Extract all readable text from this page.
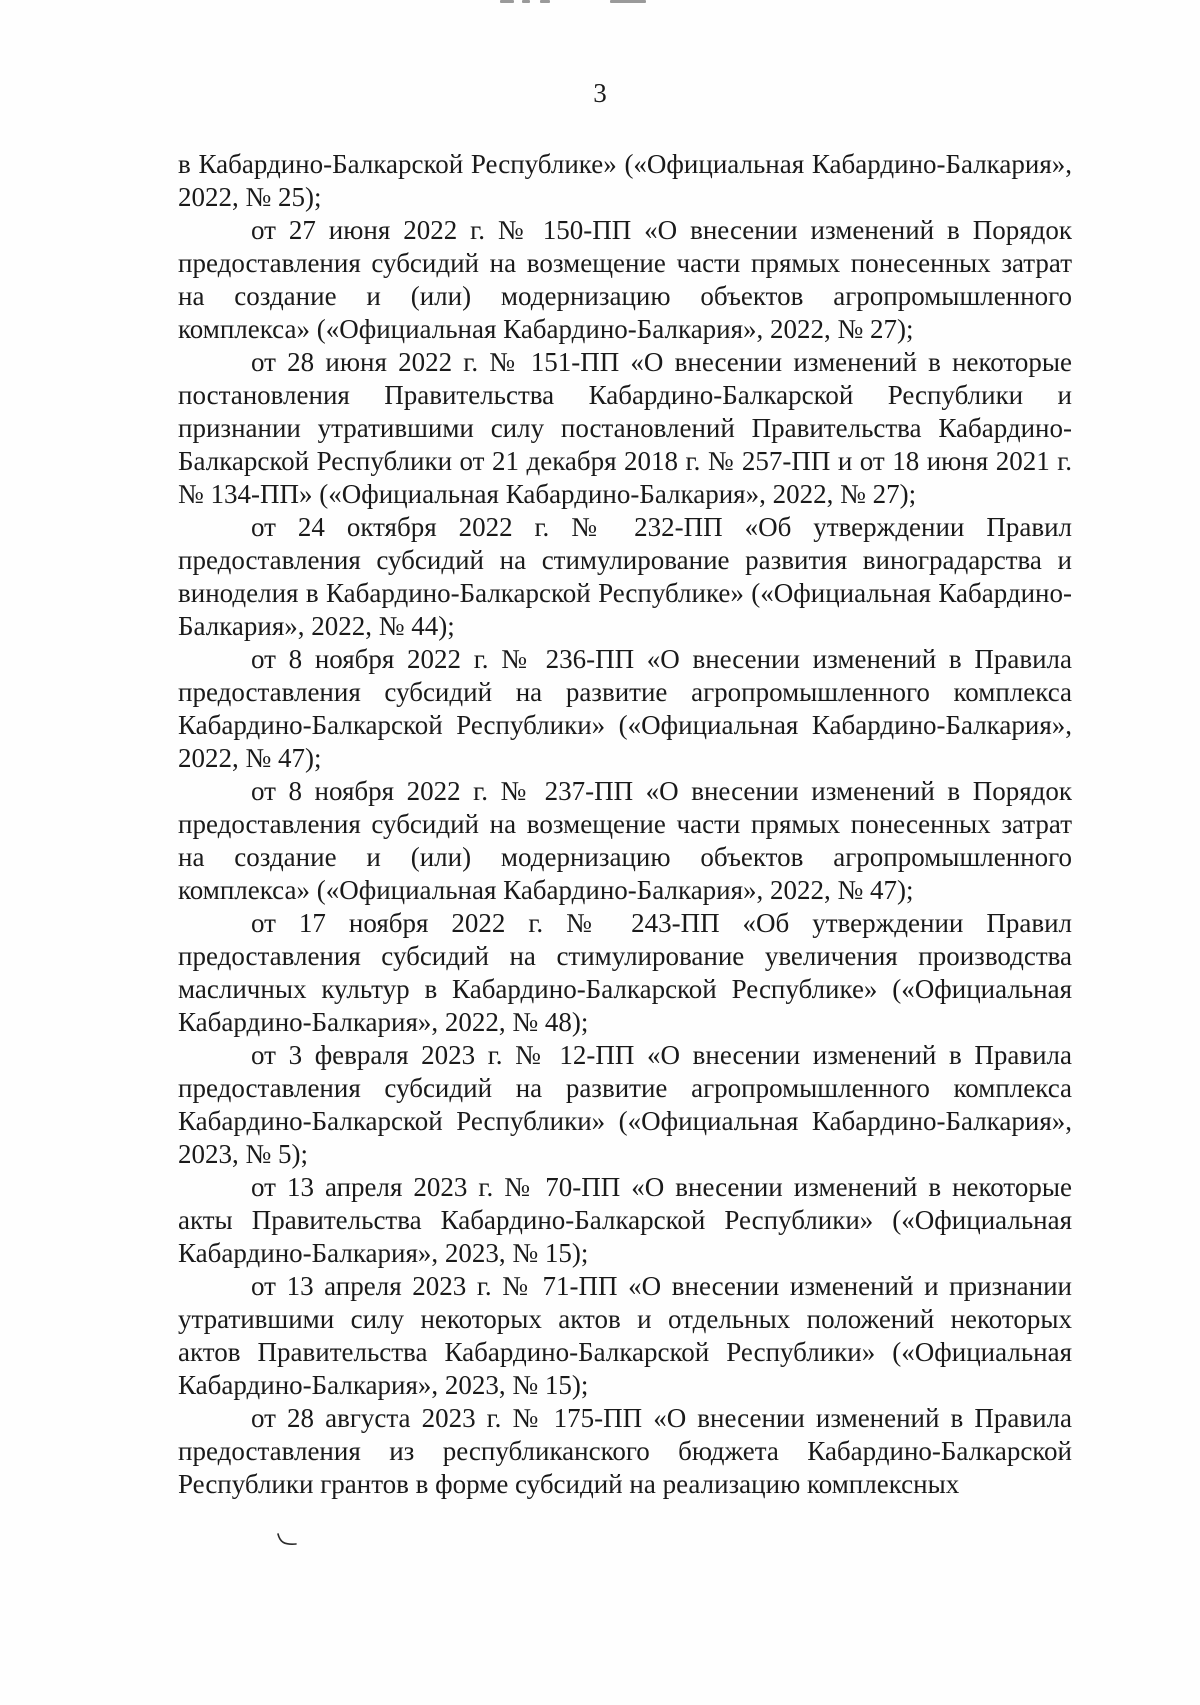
3

в Кабардино-Балкарской Республике» («Официальная Кабардино-Балкария», 2022, № 25);

от 27 июня 2022 г. № 150-ПП «О внесении изменений в Порядок предоставления субсидий на возмещение части прямых понесенных затрат на создание и (или) модернизацию объектов агропромышленного комплекса» («Официальная Кабардино-Балкария», 2022, № 27);

от 28 июня 2022 г. № 151-ПП «О внесении изменений в некоторые постановления Правительства Кабардино-Балкарской Республики и признании утратившими силу постановлений Правительства Кабардино-Балкарской Республики от 21 декабря 2018 г. № 257-ПП и от 18 июня 2021 г. № 134-ПП» («Официальная Кабардино-Балкария», 2022, № 27);

от 24 октября 2022 г. № 232-ПП «Об утверждении Правил предоставления субсидий на стимулирование развития виноградарства и виноделия в Кабардино-Балкарской Республике» («Официальная Кабардино-Балкария», 2022, № 44);

от 8 ноября 2022 г. № 236-ПП «О внесении изменений в Правила предоставления субсидий на развитие агропромышленного комплекса Кабардино-Балкарской Республики» («Официальная Кабардино-Балкария», 2022, № 47);

от 8 ноября 2022 г. № 237-ПП «О внесении изменений в Порядок предоставления субсидий на возмещение части прямых понесенных затрат на создание и (или) модернизацию объектов агропромышленного комплекса» («Официальная Кабардино-Балкария», 2022, № 47);

от 17 ноября 2022 г. № 243-ПП «Об утверждении Правил предоставления субсидий на стимулирование увеличения производства масличных культур в Кабардино-Балкарской Республике» («Официальная Кабардино-Балкария», 2022, № 48);

от 3 февраля 2023 г. № 12-ПП «О внесении изменений в Правила предоставления субсидий на развитие агропромышленного комплекса Кабардино-Балкарской Республики» («Официальная Кабардино-Балкария», 2023, № 5);

от 13 апреля 2023 г. № 70-ПП «О внесении изменений в некоторые акты Правительства Кабардино-Балкарской Республики» («Официальная Кабардино-Балкария», 2023, № 15);

от 13 апреля 2023 г. № 71-ПП «О внесении изменений и признании утратившими силу некоторых актов и отдельных положений некоторых актов Правительства Кабардино-Балкарской Республики» («Официальная Кабардино-Балкария», 2023, № 15);

от 28 августа 2023 г. № 175-ПП «О внесении изменений в Правила предоставления из республиканского бюджета Кабардино-Балкарской Республики грантов в форме субсидий на реализацию комплексных
